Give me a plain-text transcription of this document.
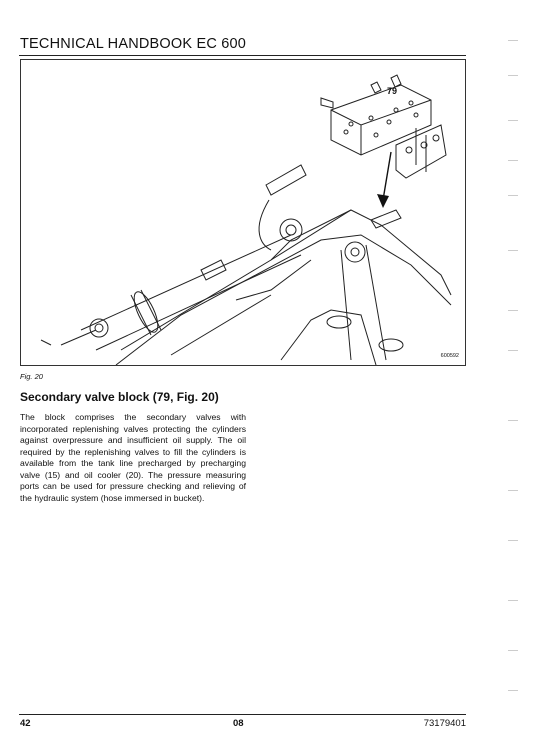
TECHNICAL HANDBOOK EC 600
79
600592
Fig. 20
Secondary valve block (79, Fig. 20)

The block comprises the secondary valves with incorporated replenishing valves protecting the cylinders against overpressure and insufficient oil supply. The oil required by the replenishing valves to fill the cylinders is available from the tank line precharged by precharging valve (15) and oil cooler (20). The pressure measuring ports can be used for pressure checking and relieving of the hydraulic system (hose immersed in bucket).

42	08	73179401
